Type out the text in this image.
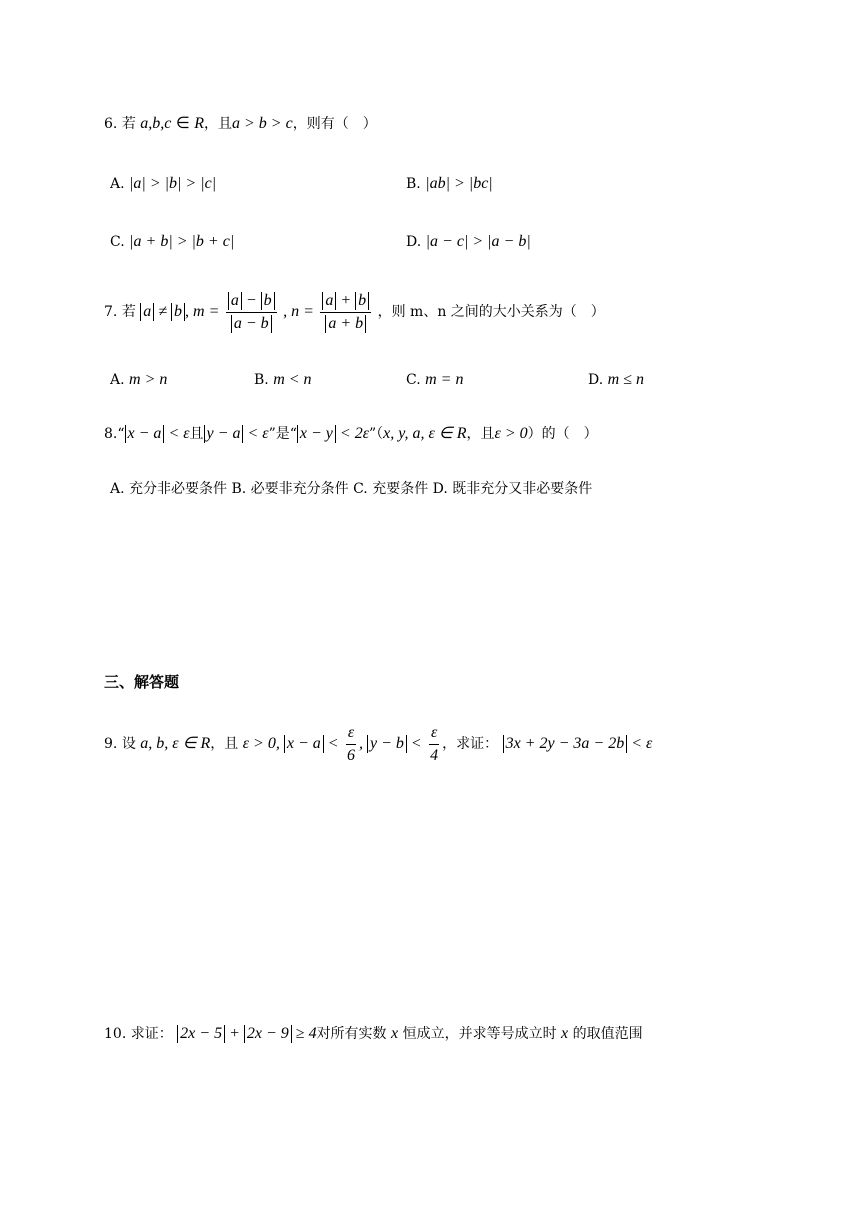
6. 若 a,b,c ∈ R，且a > b > c，则有（　）
A. |a| > |b| > |c|	B. |ab| > |bc|
C. |a + b| > |b + c|	D. |a − c| > |a − b|
7. 若 a ≠ b , $m = \frac{a - b}{a - b}$ , $n = \frac{a + b}{a + b}$ ，则 m、n 之间的大小关系为（　）
A. m > n	B. m < n	C. m = n	D. m ≤ n
8.“ x − a < ε且 y − a < ε”是“ x − y < 2ε”（x, y, a, ε ∈ R，且ε > 0）的（　）
A. 充分非必要条件 B. 必要非充分条件 C. 充要条件 D. 既非充分又非必要条件
三、解答题
9. 设 a, b, ε ∈ R，且 ε > 0, $x - a < \frac{\varepsilon}{6}$ , $y - b < \frac{\varepsilon}{4}$ ，求证： 3x + 2y − 3a − 2b < ε
10. 求证： 2x − 5 + 2x − 9 ≥ 4对所有实数 x 恒成立，并求等号成立时 x 的取值范围
